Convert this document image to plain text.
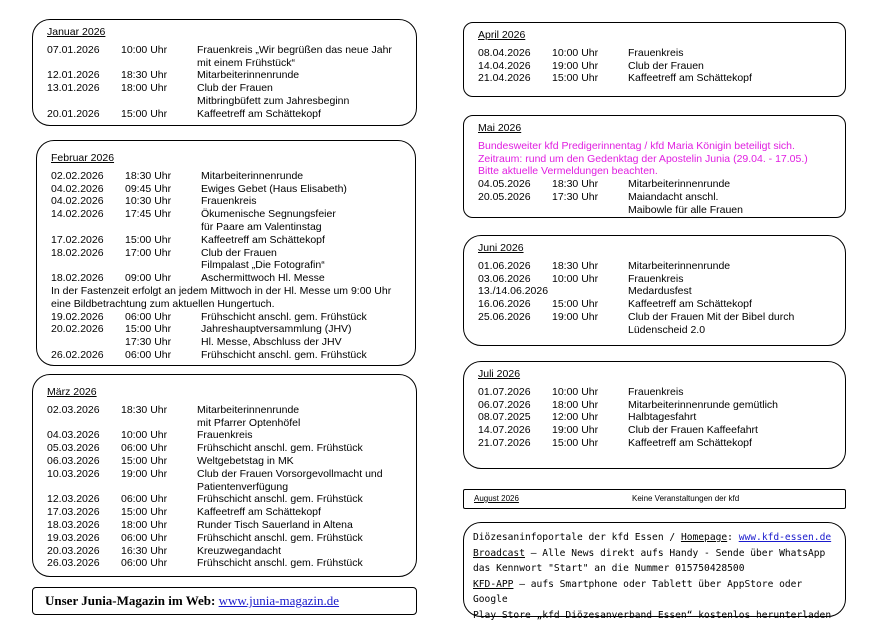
Januar 2026
07.01.2026	10:00 Uhr	Frauenkreis „Wir begrüßen das neue Jahr
mit einem Frühstück“
12.01.2026	18:30 Uhr	Mitarbeiterinnenrunde
13.01.2026	18:00 Uhr	Club der Frauen
Mitbringbüfett zum Jahresbeginn
20.01.2026	15:00 Uhr	Kaffeetreff am Schättekopf
Februar 2026
02.02.2026	18:30 Uhr	Mitarbeiterinnenrunde
04.02.2026	09:45 Uhr	Ewiges Gebet (Haus Elisabeth)
04.02.2026	10:30 Uhr	Frauenkreis
14.02.2026	17:45 Uhr	Ökumenische Segnungsfeier
für Paare am Valentinstag
17.02.2026	15:00 Uhr	Kaffeetreff am Schättekopf
18.02.2026	17:00 Uhr	Club der Frauen
Filmpalast „Die Fotografin“
18.02.2026	09:00 Uhr	Aschermittwoch Hl. Messe
In der Fastenzeit erfolgt an jedem Mittwoch in der Hl. Messe um 9:00 Uhr eine Bildbetrachtung zum aktuellen Hungertuch.
19.02.2026	06:00 Uhr	Frühschicht anschl. gem. Frühstück
20.02.2026	15:00 Uhr	Jahreshauptversammlung (JHV)
17:30 Uhr	Hl. Messe, Abschluss der JHV
26.02.2026	06:00 Uhr	Frühschicht anschl. gem. Frühstück
März 2026
02.03.2026	18:30 Uhr	Mitarbeiterinnenrunde
mit Pfarrer Optenhöfel
04.03.2026	10:00 Uhr	Frauenkreis
05.03.2026	06:00 Uhr	Frühschicht anschl. gem. Frühstück
06.03.2026	15:00 Uhr	Weltgebetstag in MK
10.03.2026	19:00 Uhr	Club der Frauen Vorsorgevollmacht und
Patientenverfügung
12.03.2026	06:00 Uhr	Frühschicht anschl. gem. Frühstück
17.03.2026	15:00 Uhr	Kaffeetreff am Schättekopf
18.03.2026	18:00 Uhr	Runder Tisch Sauerland in Altena
19.03.2026	06:00 Uhr	Frühschicht anschl. gem. Frühstück
20.03.2026	16:30 Uhr	Kreuzwegandacht
26.03.2026	06:00 Uhr	Frühschicht anschl. gem. Frühstück
Unser Junia-Magazin im Web: www.junia-magazin.de
April 2026
08.04.2026	10:00 Uhr	Frauenkreis
14.04.2026	19:00 Uhr	Club der Frauen
21.04.2026	15:00 Uhr	Kaffeetreff am Schättekopf
Mai 2026
Bundesweiter kfd Predigerinnentag / kfd Maria Königin beteiligt sich.
Zeitraum: rund um den Gedenktag der Apostelin Junia (29.04. - 17.05.)
Bitte aktuelle Vermeldungen beachten.
04.05.2026	18:30 Uhr	Mitarbeiterinnenrunde
20.05.2026	17:30 Uhr	Maiandacht anschl.
Maibowle für alle Frauen
Juni 2026
01.06.2026	18:30 Uhr	Mitarbeiterinnenrunde
03.06.2026	10:00 Uhr	Frauenkreis
13./14.06.2026	Medardusfest
16.06.2026	15:00 Uhr	Kaffeetreff am Schättekopf
25.06.2026	19:00 Uhr	Club der Frauen Mit der Bibel durch
Lüdenscheid 2.0
Juli 2026
01.07.2026	10:00 Uhr	Frauenkreis
06.07.2026	18:00 Uhr	Mitarbeiterinnenrunde gemütlich
08.07.2025	12:00 Uhr	Halbtagesfahrt
14.07.2026	19:00 Uhr	Club der Frauen Kaffeefahrt
21.07.2026	15:00 Uhr	Kaffeetreff am Schättekopf
August 2026	Keine Veranstaltungen der kfd
Diözesaninfoportale der kfd Essen / Homepage: www.kfd-essen.de
Broadcast – Alle News direkt aufs Handy - Sende über WhatsApp
das Kennwort "Start" an die Nummer 015750428500
KFD-APP – aufs Smartphone oder Tablett über AppStore oder Google
Play Store „kfd Diözesanverband Essen“ kostenlos herunterladen
